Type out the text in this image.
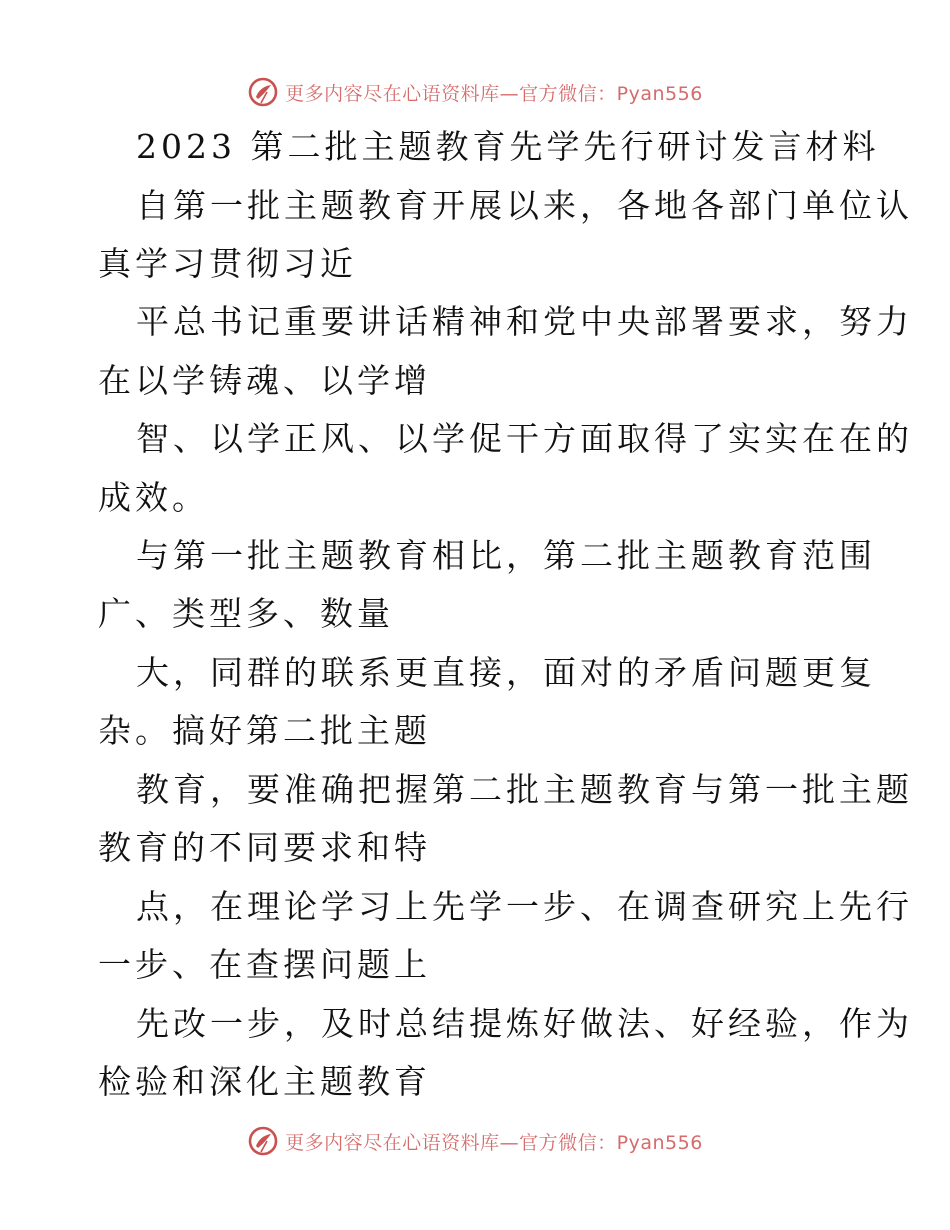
更多内容尽在心语资料库—官方微信：Pyan556
2023 第二批主题教育先学先行研讨发言材料
自第一批主题教育开展以来，各地各部门单位认
真学习贯彻习近
平总书记重要讲话精神和党中央部署要求，努力
在以学铸魂、以学增
智、以学正风、以学促干方面取得了实实在在的
成效。
与第一批主题教育相比，第二批主题教育范围
广、类型多、数量
大，同群的联系更直接，面对的矛盾问题更复
杂。搞好第二批主题
教育，要准确把握第二批主题教育与第一批主题
教育的不同要求和特
点，在理论学习上先学一步、在调查研究上先行
一步、在查摆问题上
先改一步，及时总结提炼好做法、好经验，作为
检验和深化主题教育
更多内容尽在心语资料库—官方微信：Pyan556
